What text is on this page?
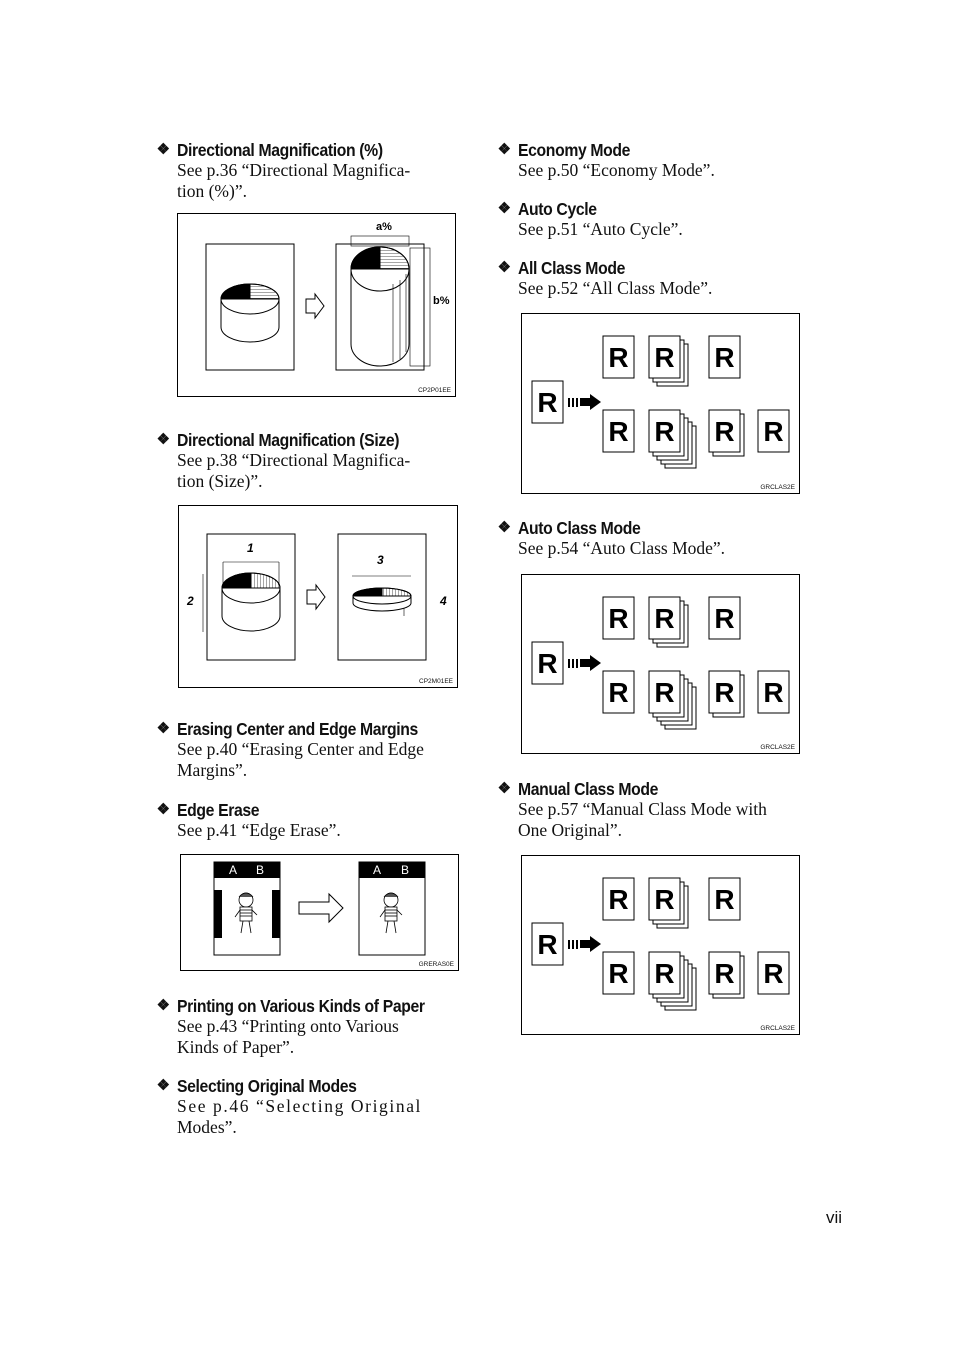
❖ Directional Magnification (%)
See p.36 “Directional Magnifica-
tion (%)”.
a%
b%
CP2P01EE
❖ Directional Magnification (Size)
See p.38 “Directional Magnifica-
tion (Size)”.
1
2
3
4
CP2M01EE
❖ Erasing Center and Edge Margins
See p.40 “Erasing Center and Edge
Margins”.
❖ Edge Erase
See p.41 “Edge Erase”.
A B	A B
GRERAS0E
❖ Printing on Various Kinds of Paper
See p.43 “Printing onto Various
Kinds of Paper”.
❖ Selecting Original Modes
See p.46 “Selecting Original
Modes”.
❖ Economy Mode
See p.50 “Economy Mode”.
❖ Auto Cycle
See p.51 “Auto Cycle”.
❖ All Class Mode
See p.52 “All Class Mode”.
R
R R R
R R R R
GRCLAS2E
❖ Auto Class Mode
See p.54 “Auto Class Mode”.
R
R R R
R R R R
GRCLAS2E
❖ Manual Class Mode
See p.57 “Manual Class Mode with
One Original”.
R
R R R
R R R R
GRCLAS2E
vii
